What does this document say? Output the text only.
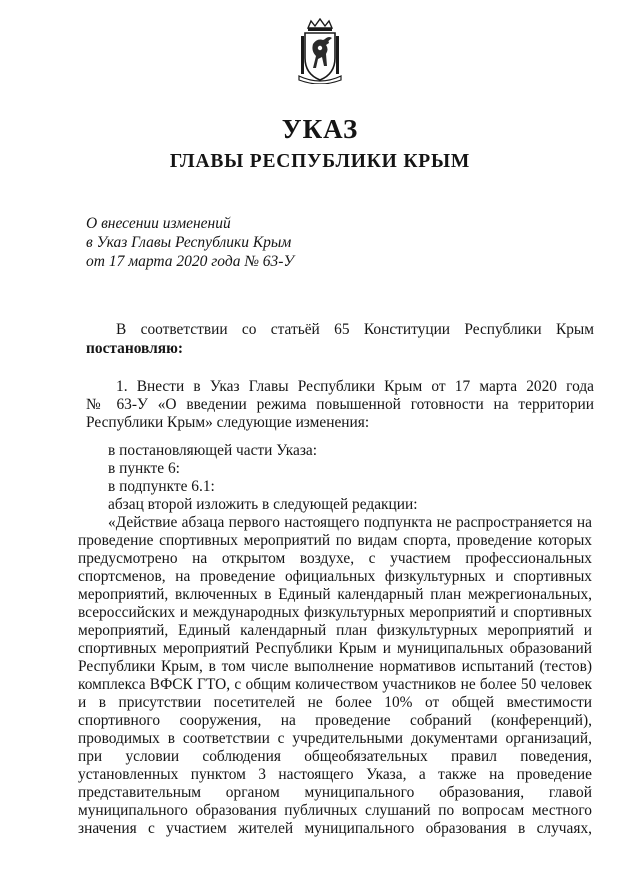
УКАЗ
ГЛАВЫ РЕСПУБЛИКИ КРЫМ
О внесении изменений
в Указ Главы Республики Крым
от 17 марта 2020 года № 63-У

В соответствии со статьёй 65 Конституции Республики Крым

постановляю:

1. Внести в Указ Главы Республики Крым от 17 марта 2020 года

№ 63-У «О введении режима повышенной готовности на территории

Республики Крым» следующие изменения:

в постановляющей части Указа:

в пункте 6:

в подпункте 6.1:

абзац второй изложить в следующей редакции:

«Действие абзаца первого настоящего подпункта не распространяется на

проведение спортивных мероприятий по видам спорта, проведение которых

предусмотрено на открытом воздухе, с участием профессиональных

спортсменов, на проведение официальных физкультурных и спортивных

мероприятий, включенных в Единый календарный план межрегиональных,

всероссийских и международных физкультурных мероприятий и спортивных

мероприятий, Единый календарный план физкультурных мероприятий и

спортивных мероприятий Республики Крым и муниципальных образований

Республики Крым, в том числе выполнение нормативов испытаний (тестов)

комплекса ВФСК ГТО, с общим количеством участников не более 50 человек

и в присутствии посетителей не более 10% от общей вместимости

спортивного сооружения, на проведение собраний (конференций),

проводимых в соответствии с учредительными документами организаций,

при условии соблюдения общеобязательных правил поведения,

установленных пунктом 3 настоящего Указа, а также на проведение

представительным органом муниципального образования, главой

муниципального образования публичных слушаний по вопросам местного

значения с участием жителей муниципального образования в случаях,
